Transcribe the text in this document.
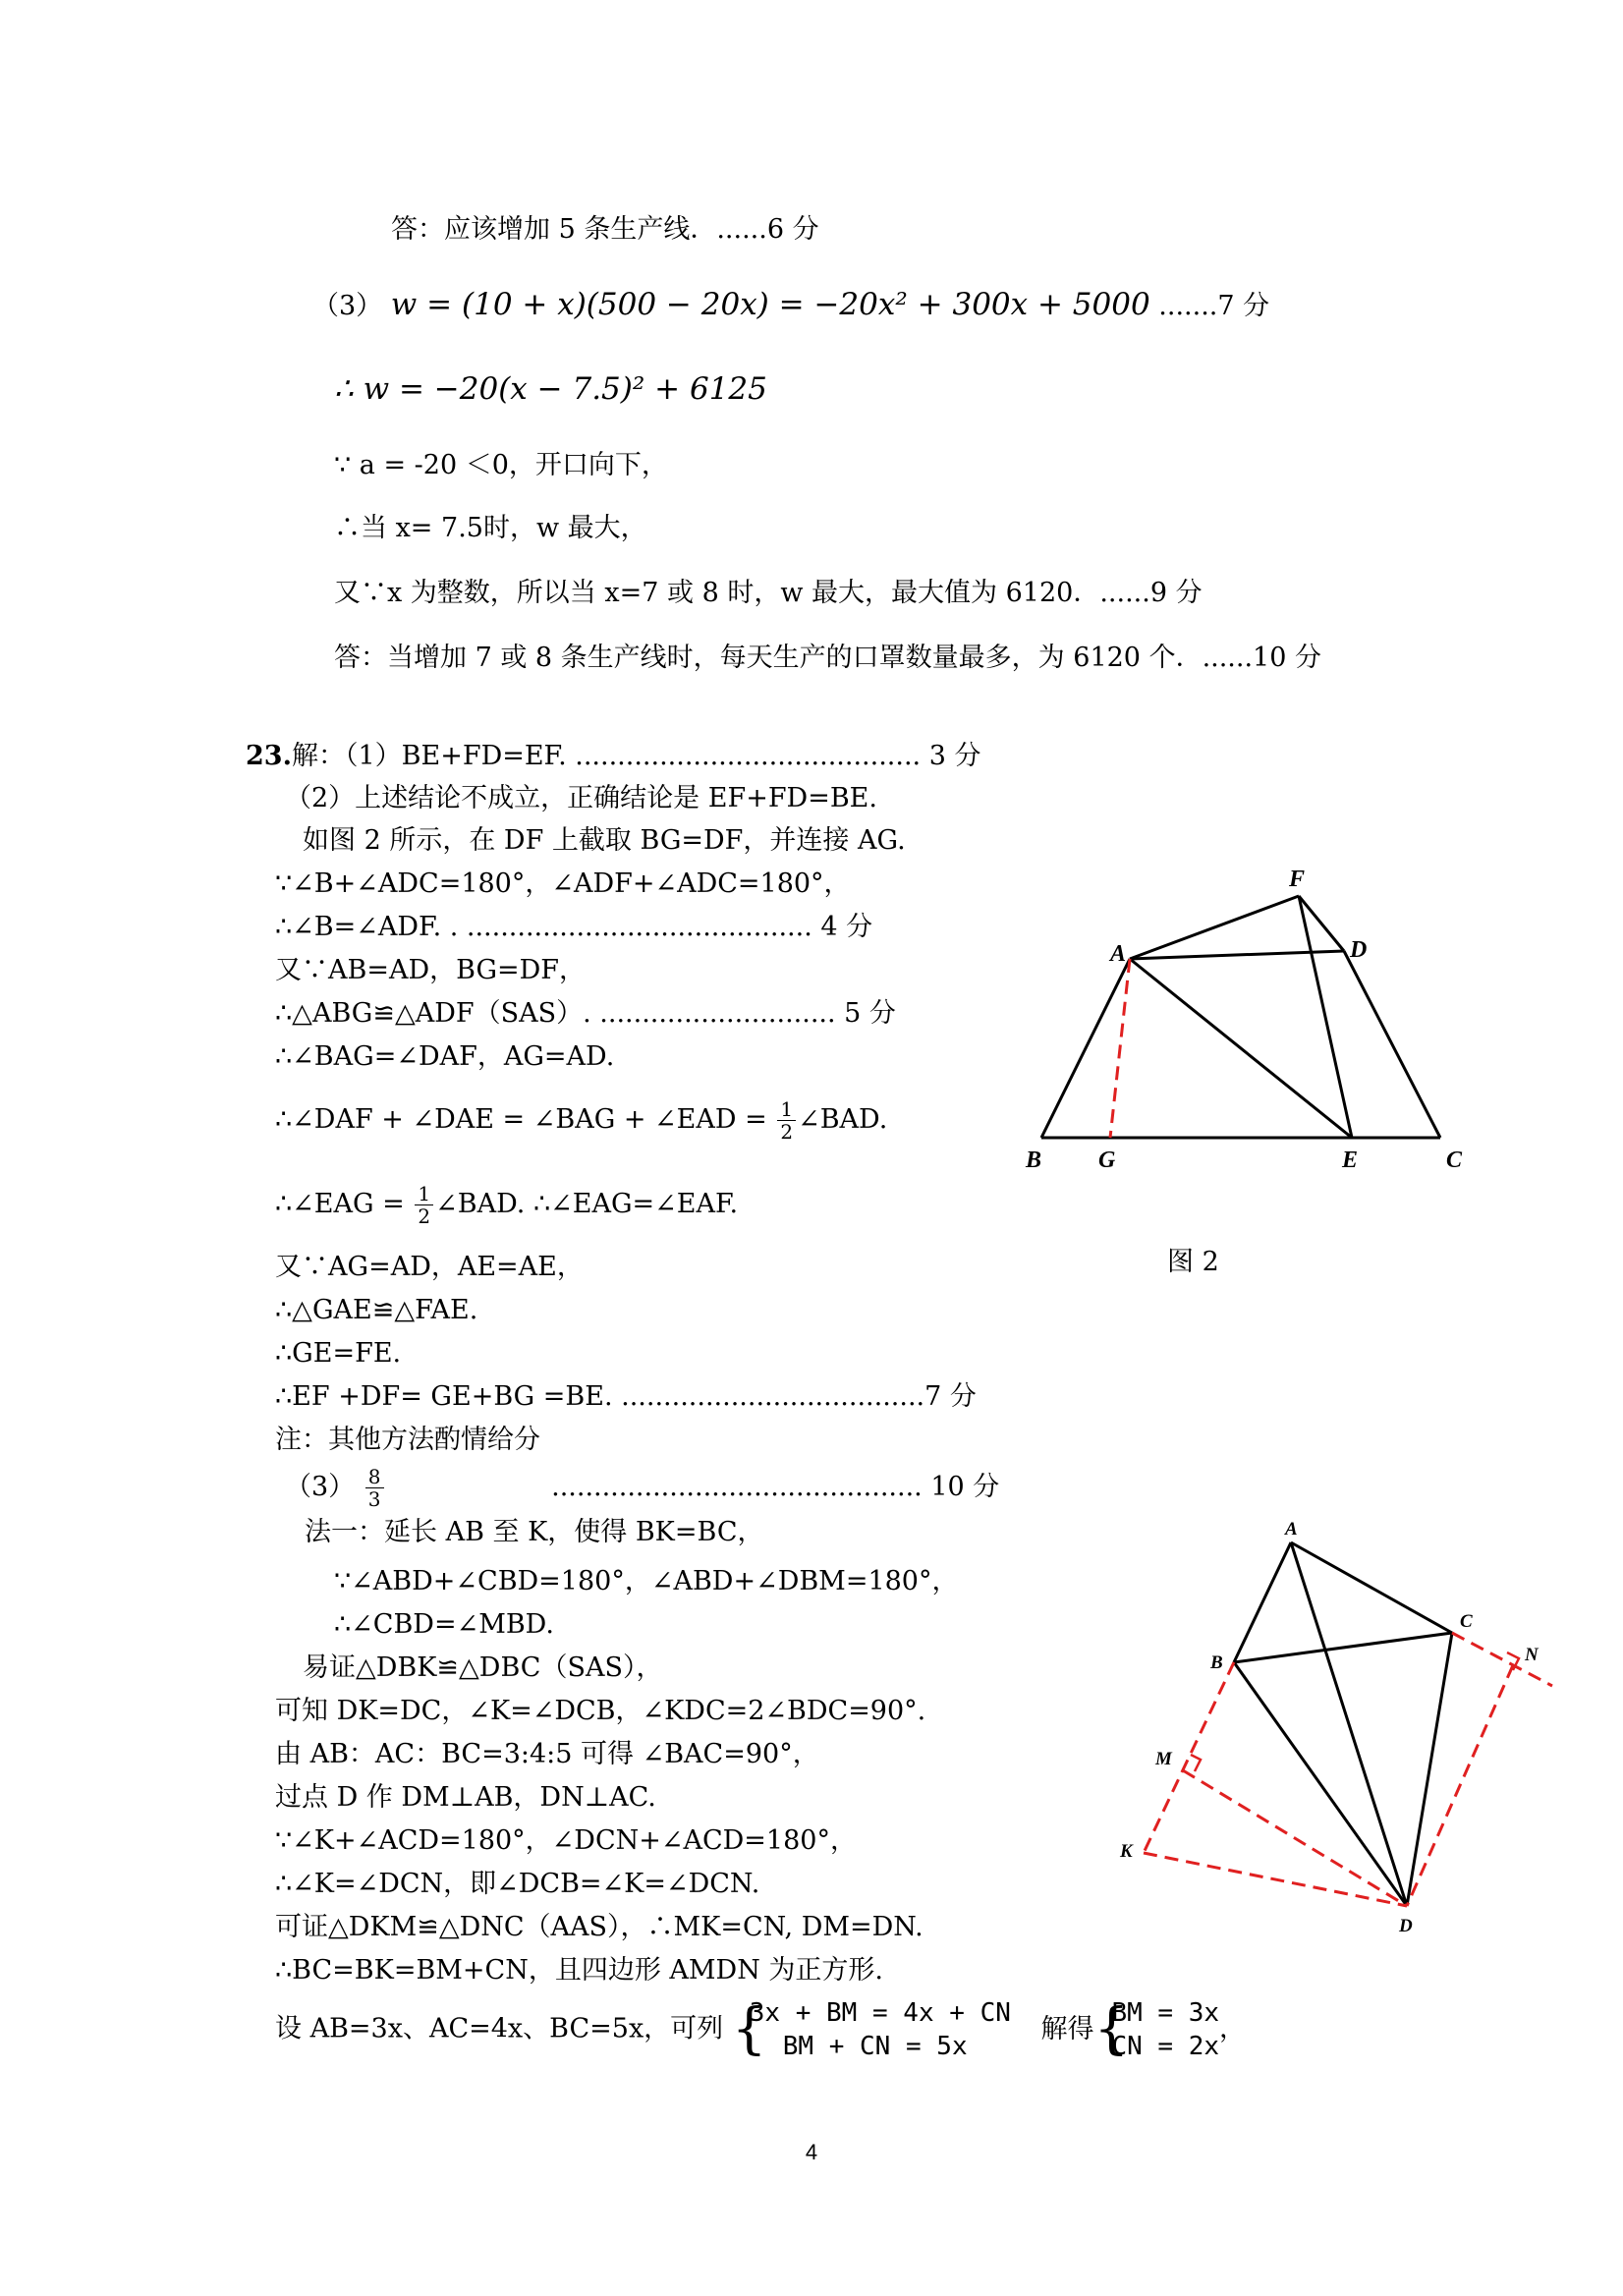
答：应该增加 5 条生产线．......6 分
（3） w = (10 + x)(500 − 20x) = −20x² + 300x + 5000 .......7 分
∴ w = −20(x − 7.5)² + 6125
∵ a = -20 ＜0，开口向下，
∴当 x= 7.5时，w 最大，
又∵x 为整数，所以当 x=7 或 8 时，w 最大，最大值为 6120．......9 分
答：当增加 7 或 8 条生产线时，每天生产的口罩数量最多，为 6120 个．......10 分
23.解：（1）BE+FD=EF. ......................................... 3 分
（2）上述结论不成立，正确结论是 EF+FD=BE.
如图 2 所示，在 DF 上截取 BG=DF，并连接 AG.
∵∠B+∠ADC=180°，∠ADF+∠ADC=180°，
∴∠B=∠ADF. . ......................................... 4 分
又∵AB=AD，BG=DF，
∴△ABG≌△ADF（SAS）. ............................ 5 分
∴∠BAG=∠DAF，AG=AD.
∴∠DAF + ∠DAE = ∠BAG + ∠EAD = $\frac{1}{2}$ ∠BAD.
∴∠EAG = $\frac{1}{2}$ ∠BAD. ∴∠EAG=∠EAF.
又∵AG=AD，AE=AE，
∴△GAE≌△FAE.
∴GE=FE.
∴EF +DF= GE+BG =BE. ....................................7 分
注：其他方法酌情给分
$(3) \frac{8}{3}$	............................................ 10 分
法一：延长 AB 至 K，使得 BK=BC，
∵∠ABD+∠CBD=180°，∠ABD+∠DBM=180°，
∴∠CBD=∠MBD.
易证△DBK≌△DBC（SAS），
可知 DK=DC，∠K=∠DCB，∠KDC=2∠BDC=90°.
由 AB：AC：BC=3:4:5 可得 ∠BAC=90°，
过点 D 作 DM⊥AB，DN⊥AC.
∵∠K+∠ACD=180°，∠DCN+∠ACD=180°，
∴∠K=∠DCN，即∠DCB=∠K=∠DCN.
可证△DKM≌△DNC（AAS），∴MK=CN, DM=DN.
∴BC=BK=BM+CN，且四边形 AMDN 为正方形.
设 AB=3x、AC=4x、BC=5x，可列 {
3x + BM = 4x + CN
BM + CN = 5x
解得 {
BM = 3x
CN = 2x
，
A
B G	E	C
F
D
图 2
A
B
C
D
K
M
N
4
